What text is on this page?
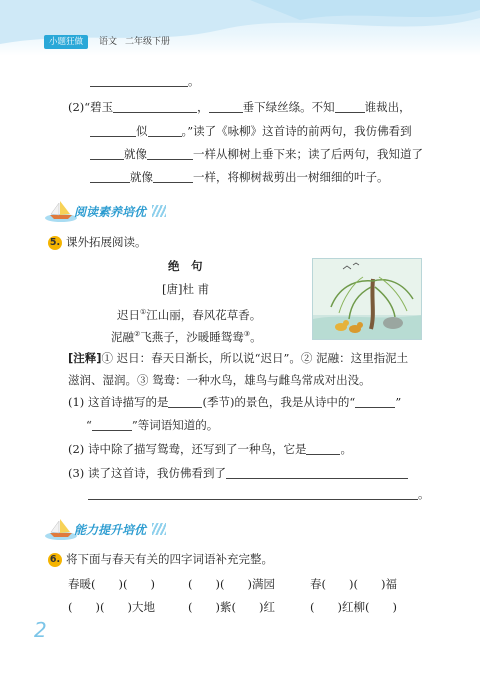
小题狂做	语文 二年级下册
。
(2)“碧玉	，	垂下绿丝绦。不知	谁裁出，
似	。”读了《咏柳》这首诗的前两句，我仿佛看到
就像	一样从柳树上垂下来；读了后两句，我知道了
就像	一样，将柳树裁剪出一树细细的叶子。
阅读素养培优
5. 课外拓展阅读。
绝　句
[唐]杜 甫
迟日①江山丽，春风花草香。
泥融②飞燕子，沙暖睡鸳鸯③。
[注释]① 迟日：春天日渐长，所以说“迟日”。② 泥融：这里指泥土
滋润、湿润。③ 鸳鸯：一种水鸟，雄鸟与雌鸟常成对出没。
(1) 这首诗描写的是	(季节)的景色，我是从诗中的“	”
“	”等词语知道的。
(2) 诗中除了描写鸳鸯，还写到了一种鸟，它是	。
(3) 读了这首诗，我仿佛看到了
。
能力提升培优
6. 将下面与春天有关的四字词语补充完整。
春暖(　　)(　　)	(　　)(　　)满园	春(　　)(　　)福
(　　)(　　)大地	(　　)紫(　　)红	(　　)红柳(　　)
2
